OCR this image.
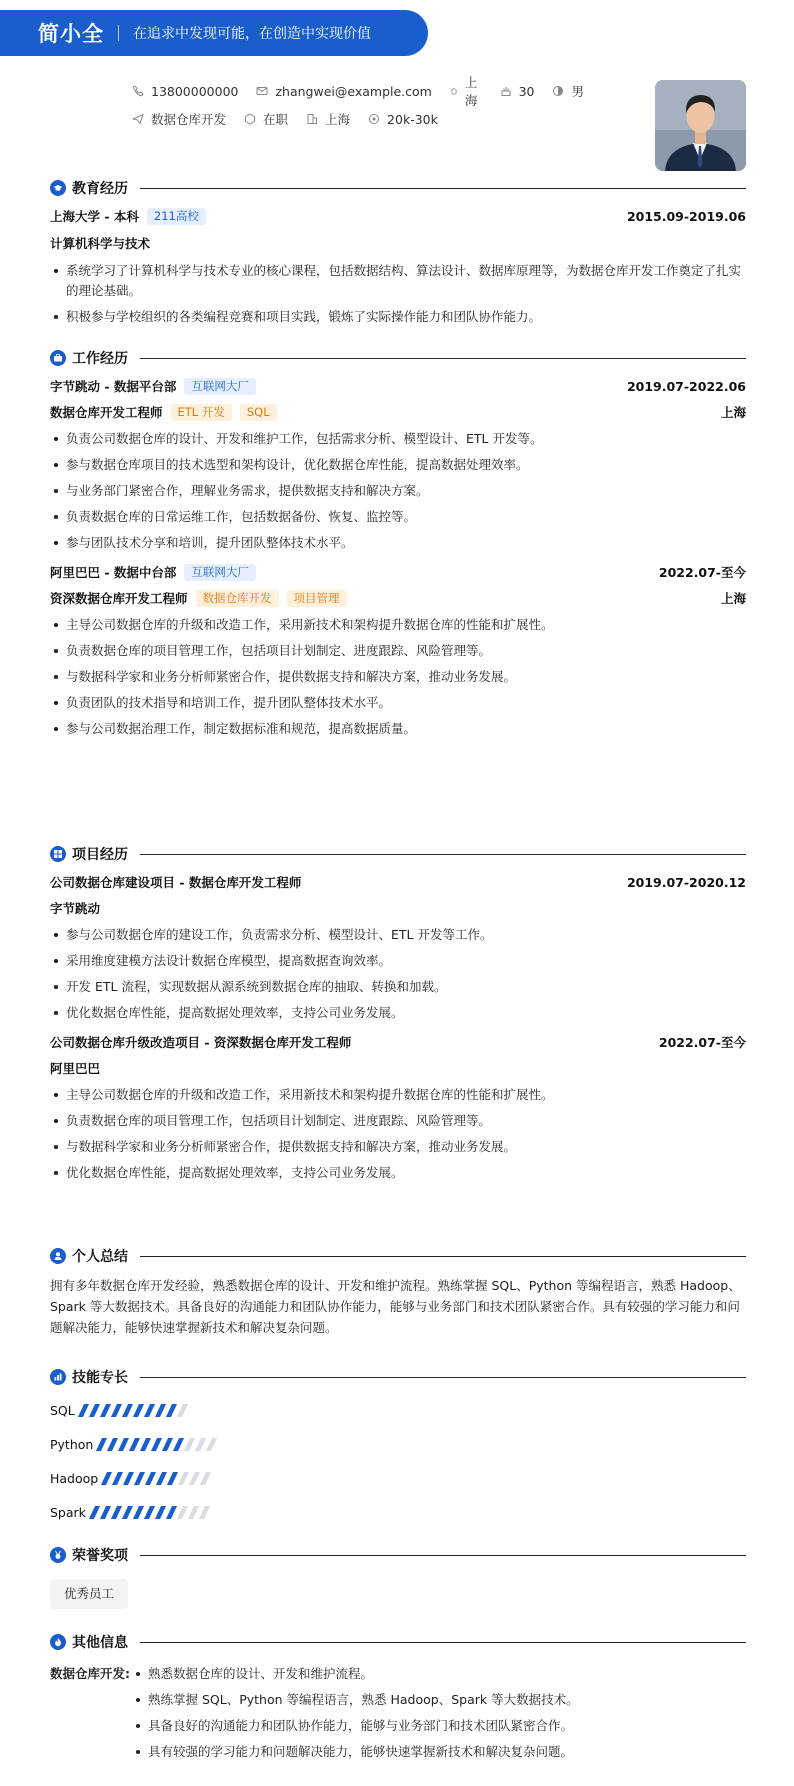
简小全 在追求中发现可能，在创造中实现价值
13800000000	zhangwei@example.com
上海
30	男
数据仓库开发	在职	上海	20k-30k
教育经历
上海大学 - 本科	211高校	2015.09-2019.06
计算机科学与技术
系统学习了计算机科学与技术专业的核心课程，包括数据结构、算法设计、数据库原理等，为数据仓库开发工作奠定了扎实的理论基础。
积极参与学校组织的各类编程竞赛和项目实践，锻炼了实际操作能力和团队协作能力。
工作经历
字节跳动 - 数据平台部	互联网大厂	2019.07-2022.06
数据仓库开发工程师	ETL 开发	SQL	上海
负责公司数据仓库的设计、开发和维护工作，包括需求分析、模型设计、ETL 开发等。
参与数据仓库项目的技术选型和架构设计，优化数据仓库性能，提高数据处理效率。
与业务部门紧密合作，理解业务需求，提供数据支持和解决方案。
负责数据仓库的日常运维工作，包括数据备份、恢复、监控等。
参与团队技术分享和培训，提升团队整体技术水平。
阿里巴巴 - 数据中台部	互联网大厂	2022.07-至今
资深数据仓库开发工程师	数据仓库开发	项目管理	上海
主导公司数据仓库的升级和改造工作，采用新技术和架构提升数据仓库的性能和扩展性。
负责数据仓库的项目管理工作，包括项目计划制定、进度跟踪、风险管理等。
与数据科学家和业务分析师紧密合作，提供数据支持和解决方案，推动业务发展。
负责团队的技术指导和培训工作，提升团队整体技术水平。
参与公司数据治理工作，制定数据标准和规范，提高数据质量。
项目经历
公司数据仓库建设项目 - 数据仓库开发工程师	2019.07-2020.12
字节跳动
参与公司数据仓库的建设工作，负责需求分析、模型设计、ETL 开发等工作。
采用维度建模方法设计数据仓库模型，提高数据查询效率。
开发 ETL 流程，实现数据从源系统到数据仓库的抽取、转换和加载。
优化数据仓库性能，提高数据处理效率，支持公司业务发展。
公司数据仓库升级改造项目 - 资深数据仓库开发工程师	2022.07-至今
阿里巴巴
主导公司数据仓库的升级和改造工作，采用新技术和架构提升数据仓库的性能和扩展性。
负责数据仓库的项目管理工作，包括项目计划制定、进度跟踪、风险管理等。
与数据科学家和业务分析师紧密合作，提供数据支持和解决方案，推动业务发展。
优化数据仓库性能，提高数据处理效率，支持公司业务发展。
个人总结

拥有多年数据仓库开发经验，熟悉数据仓库的设计、开发和维护流程。熟练掌握 SQL、Python 等编程语言，熟悉 Hadoop、Spark 等大数据技术。具备良好的沟通能力和团队协作能力，能够与业务部门和技术团队紧密合作。具有较强的学习能力和问题解决能力，能够快速掌握新技术和解决复杂问题。

技能专长
SQL
Python
Hadoop
Spark
荣誉奖项
优秀员工
其他信息
数据仓库开发:	熟悉数据仓库的设计、开发和维护流程。
熟练掌握 SQL、Python 等编程语言，熟悉 Hadoop、Spark 等大数据技术。
具备良好的沟通能力和团队协作能力，能够与业务部门和技术团队紧密合作。
具有较强的学习能力和问题解决能力，能够快速掌握新技术和解决复杂问题。
